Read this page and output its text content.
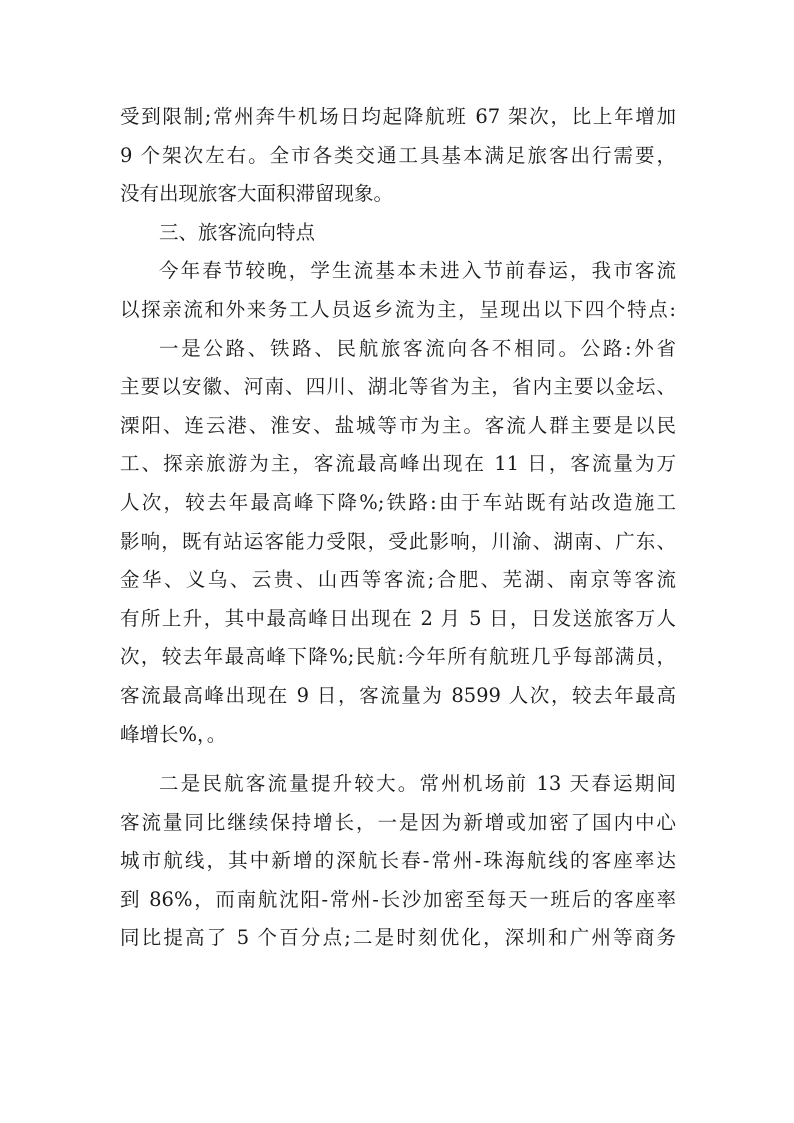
受到限制;常州奔牛机场日均起降航班 67 架次，比上年增加
9 个架次左右。全市各类交通工具基本满足旅客出行需要，
没有出现旅客大面积滞留现象。
三、旅客流向特点
今年春节较晚，学生流基本未进入节前春运，我市客流
以探亲流和外来务工人员返乡流为主，呈现出以下四个特点:
一是公路、铁路、民航旅客流向各不相同。公路:外省
主要以安徽、河南、四川、湖北等省为主，省内主要以金坛、
溧阳、连云港、淮安、盐城等市为主。客流人群主要是以民
工、探亲旅游为主，客流最高峰出现在 11 日，客流量为万
人次，较去年最高峰下降%;铁路:由于车站既有站改造施工
影响，既有站运客能力受限，受此影响，川渝、湖南、广东、
金华、义乌、云贵、山西等客流;合肥、芜湖、南京等客流
有所上升，其中最高峰日出现在 2 月 5 日，日发送旅客万人
次，较去年最高峰下降%;民航:今年所有航班几乎每部满员，
客流最高峰出现在 9 日，客流量为 8599 人次，较去年最高
峰增长%，。
二是民航客流量提升较大。常州机场前 13 天春运期间
客流量同比继续保持增长，一是因为新增或加密了国内中心
城市航线，其中新增的深航长春-常州-珠海航线的客座率达
到 86%，而南航沈阳-常州-长沙加密至每天一班后的客座率
同比提高了 5 个百分点;二是时刻优化，深圳和广州等商务
